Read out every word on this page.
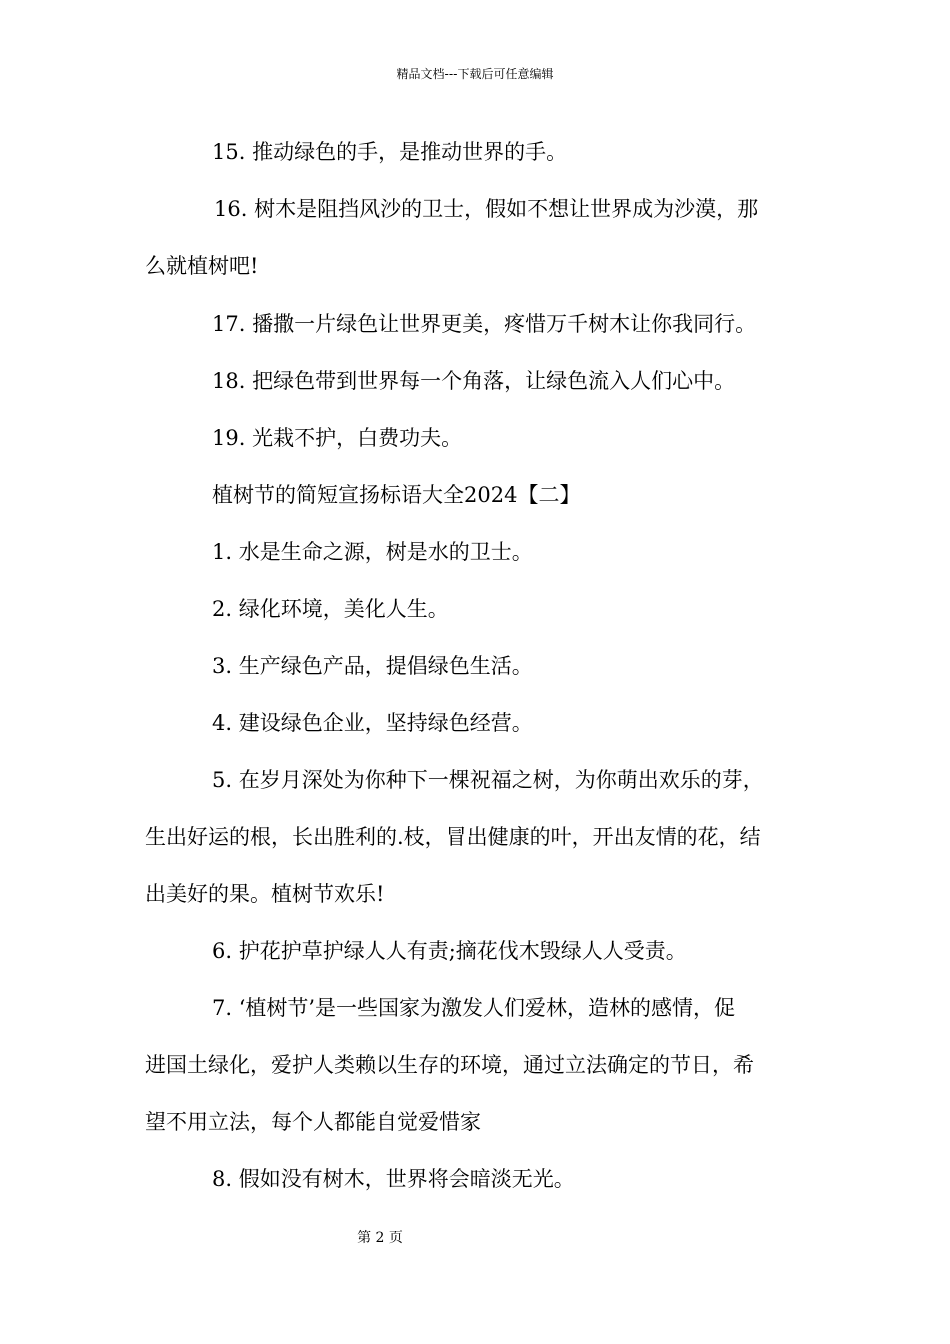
精品文档---下载后可任意编辑
15. 推动绿色的手，是推动世界的手。
16. 树木是阻挡风沙的卫士，假如不想让世界成为沙漠，那
么就植树吧!
17. 播撒一片绿色让世界更美，疼惜万千树木让你我同行。
18. 把绿色带到世界每一个角落，让绿色流入人们心中。
19. 光栽不护，白费功夫。
植树节的简短宣扬标语大全2024【二】
1. 水是生命之源，树是水的卫士。
2. 绿化环境，美化人生。
3. 生产绿色产品，提倡绿色生活。
4. 建设绿色企业，坚持绿色经营。
5. 在岁月深处为你种下一棵祝福之树，为你萌出欢乐的芽，
生出好运的根，长出胜利的.枝，冒出健康的叶，开出友情的花，结
出美好的果。植树节欢乐!
6. 护花护草护绿人人有责;摘花伐木毁绿人人受责。
7. ‘植树节’是一些国家为激发人们爱林，造林的感情，促
进国土绿化，爱护人类赖以生存的环境，通过立法确定的节日，希
望不用立法，每个人都能自觉爱惜家
8. 假如没有树木，世界将会暗淡无光。
第 2 页
